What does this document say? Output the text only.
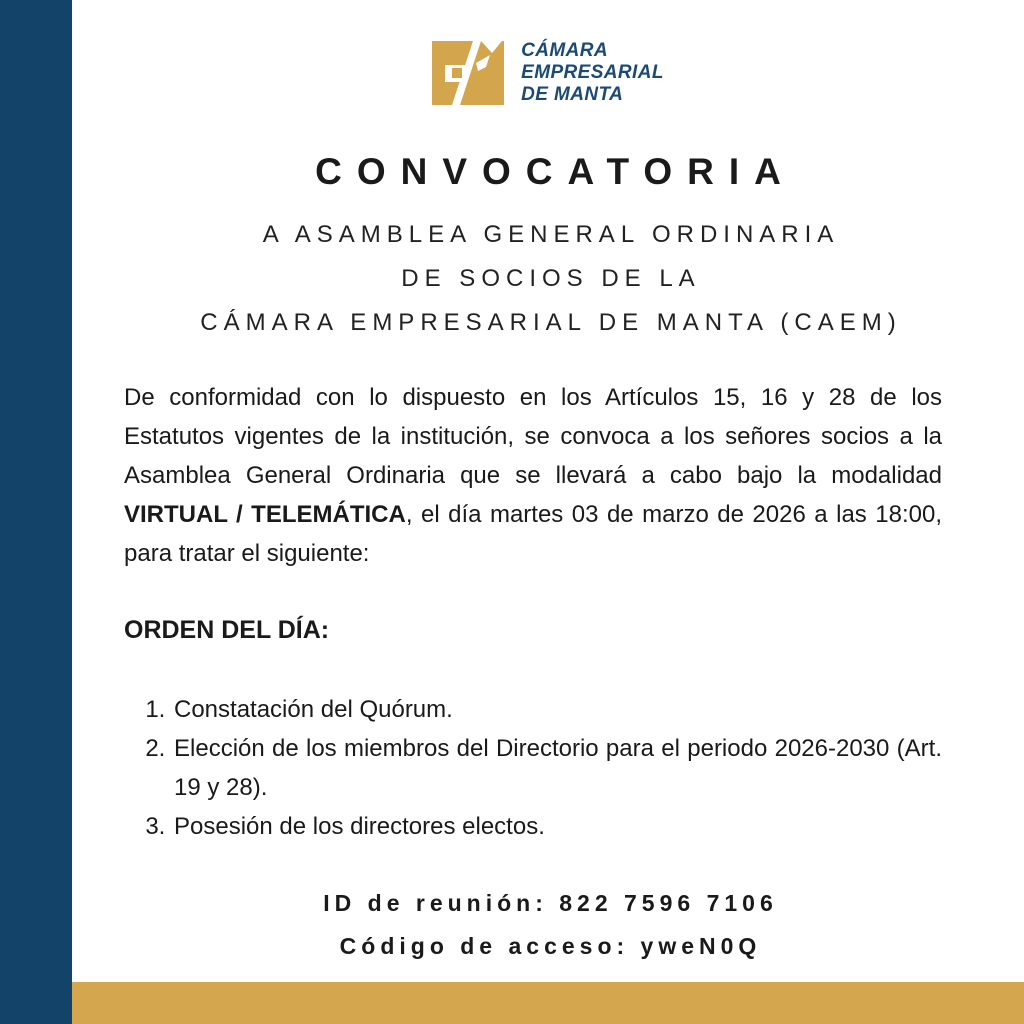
CÁMARA
EMPRESARIAL
DE MANTA
CONVOCATORIA
A ASAMBLEA GENERAL ORDINARIA
DE SOCIOS DE LA
CÁMARA EMPRESARIAL DE MANTA (CAEM)

De conformidad con lo dispuesto en los Artículos 15, 16 y 28 de los Estatutos vigentes de la institución, se convoca a los señores socios a la Asamblea General Ordinaria que se llevará a cabo bajo la modalidad VIRTUAL / TELEMÁTICA, el día martes 03 de marzo de 2026 a las 18:00, para tratar el siguiente:

ORDEN DEL DÍA:
1. Constatación del Quórum.
2. Elección de los miembros del Directorio para el periodo 2026-2030 (Art. 19 y 28).
3. Posesión de los directores electos.
ID de reunión: 822 7596 7106
Código de acceso: yweN0Q
